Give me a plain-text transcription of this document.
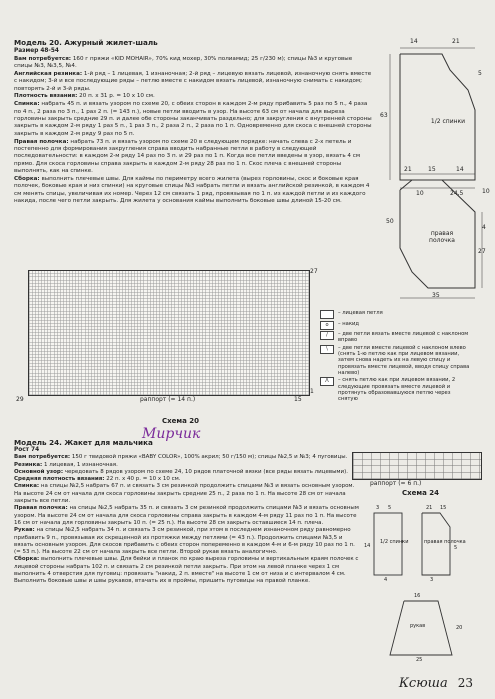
Модель 20. Ажурный жилет-шаль

Размер 48-54

Вам потребуется: 160 г пряжи «KID MOHAIR», 70% кид мохер, 30% полиамид; 25 г/230 м); спицы №3 и круговые спицы №3, №3,5, №4.

Английская резинка: 1-й ряд – 1 лицевая, 1 изнаночная; 2-й ряд – лицевую вязать лицевой, изнаночную снять вместе с накидом; 3-й и все последующие ряды – петлю вместе с накидом вязать лицевой, изнаночную снимать с накидом; повторять 2-й и 3-й ряды.

Плотность вязания: 20 п. х 31 р. = 10 х 10 см.

Спинка: набрать 45 п. и вязать узором по схеме 20, с обеих сторон в каждом 2-м ряду прибавить 5 раз по 5 п., 4 раза по 4 п., 2 раза по 3 п., 1 раз 2 п. (= 143 п.), новые петли вводить в узор. На высоте 63 см от начала для выреза горловины закрыть средние 29 п. и далее обе стороны заканчивать раздельно; для закругления с внутренней стороны закрыть в каждом 2-м ряду 1 раз 5 п., 1 раз 3 п., 2 раза 2 п., 2 раза по 1 п. Одновременно для скоса с внешней стороны закрыть в каждом 2-м ряду 9 раз по 5 п.

Правая полочка: набрать 73 п. и вязать узором по схеме 20 в следующем порядке: начать слева с 2-х петель и постепенно для формирования закругления справа вводить набранные петли в работу в следующей последовательности: в каждом 2-м ряду 14 раз по 3 п. и 29 раз по 1 п. Когда все петли введены в узор, вязать 4 см прямо. Для скоса горловины справа закрыть в каждом 2-м ряду 28 раз по 1 п. Скос плеча с внешней стороны выполнять, как на спинке.

Сборка: выполнить плечевые швы. Для каймы по периметру всего жилета (вырез горловины, скос и боковые края полочек, боковые края и низ спинки) на круговые спицы №3 набрать петли и вязать английской резинкой, в каждом 4 см менять спицы, увеличивая их номер. Через 12 см связать 1 ряд, провязывая по 1 п. из каждой петли и из каждого накида, после чего петли закрыть. Для жилета у основания каймы выполнить боковые швы длиной 15-20 см.

14	21
63
5
10	24,5
1/2 спинки
21	15	14
27
35
4
10
50
правая полочка
27
1
15
29	раппорт (= 14 п.)
Схема 20
– лицевая петля
o	– накид
/	– две петли вязать вместе лицевой с наклоном вправо
\	– две петли вместе лицевой с наклоном влево (снять 1-ю петлю как при лицевом вязании, затем снова надеть их на левую спицу и провязать вместе лицевой, вводя спицу справа налево)
Λ	– снять петлю как при лицевом вязании, 2 следующие провязать вместе лицевой и протянуть образовавшуюся петлю через снятую
Мирчик

Модель 24. Жакет для мальчика

Рост 74

Вам потребуется: 150 г твидовой пряжи «BABY COLOR», 100% акрил; 50 г/150 м); спицы №2,5 и №3; 4 пуговицы.

Резинка: 1 лицевая, 1 изнаночная.

Основной узор: чередовать 8 рядов узором по схеме 24, 10 рядов платочной вязки (все ряды вязать лицевыми).

Средняя плотность вязания: 22 п. х 40 р. = 10 х 10 см.

Спинка: на спицы №2,5 набрать 67 п. и связать 3 см резинкой продолжить спицами №3 и вязать основным узором. На высоте 24 см от начала для скоса горловины закрыть средние 25 п., 2 раза по 1 п. На высоте 28 см от начала закрыть все петли.

Правая полочка: на спицы №2,5 набрать 35 п. и связать 3 см резинкой продолжить спицами №3 и вязать основным узором. На высоте 24 см от начала для скоса горловины справа закрыть в каждом 4-м ряду 11 раз по 1 п. На высоте 16 см от начала для горловины закрыть 10 п. (= 25 п.). На высоте 28 см закрыть оставшиеся 14 п. плеча.

Рукав: на спицы №2,5 набрать 34 п. и связать 3 см резинкой, при этом в последнем изнаночном ряду равномерно прибавить 9 п., провязывая их скрещенной из протяжки между петлями (= 43 п.). Продолжить спицами №3,5 и вязать основным узором. Для скосов прибавить с обеих сторон попеременно в каждом 4-м и 6-м ряду 10 раз по 1 п. (= 53 п.). На высоте 22 см от начала закрыть все петли. Второй рукав вязать аналогично.

Сборка: выполнить плечевые швы. Для бейки и планок по краю выреза горловины и вертикальным краям полочек с лицевой стороны набрать 102 п. и связать 2 см резинкой петли закрыть. При этом на левой планке через 1 см выполнить 4 отверстия для пуговиц: провязать "накид, 2 п. вместе" на высоте 1 см от низа и с интервалом 4 см. Выполнить боковые швы и швы рукавов, втачать их в проймы, пришить пуговицы на правой планке.

раппорт (= 6 п.)
Схема 24
1/2 спинки	правая полочка
рукав
3 5
14
4
21 15
3
5
16
20
25
Ксюша 23
